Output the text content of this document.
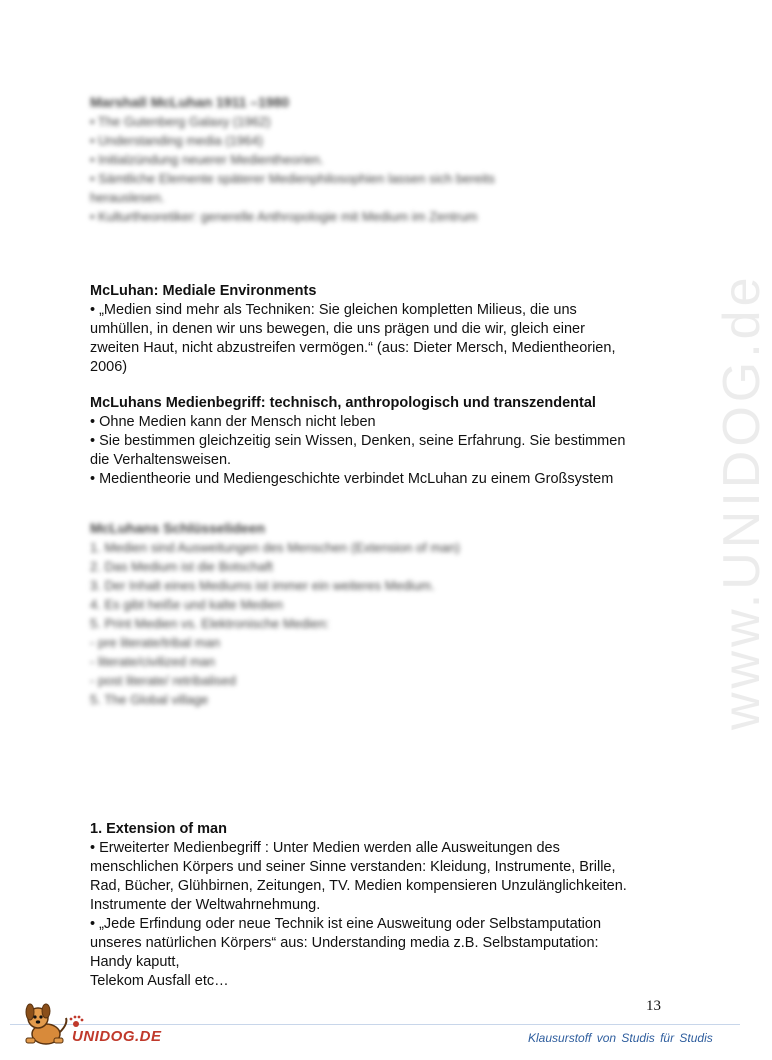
www.UNIDOG.de
Marshall McLuhan 1911 –1980
• The Gutenberg Galaxy (1962)
• Understanding media (1964)
• Initialzündung neuerer Medientheorien.
• Sämtliche Elemente späterer Medienphilosophien lassen sich bereits
herauslesen.
• Kulturtheoretiker: generelle Anthropologie mit Medium im Zentrum
McLuhan: Mediale Environments
• „Medien sind mehr als Techniken: Sie gleichen kompletten Milieus, die uns
umhüllen, in denen wir uns bewegen, die uns prägen und die wir, gleich einer
zweiten Haut, nicht abzustreifen vermögen.“ (aus: Dieter Mersch, Medientheorien,
2006)
McLuhans Medienbegriff: technisch, anthropologisch und transzendental
• Ohne Medien kann der Mensch nicht leben
• Sie bestimmen gleichzeitig sein Wissen, Denken, seine Erfahrung. Sie bestimmen
die Verhaltensweisen.
• Medientheorie und Mediengeschichte verbindet McLuhan zu einem Großsystem
McLuhans Schlüsselideen
1. Medien sind Ausweitungen des Menschen (Extension of man)
2. Das Medium ist die Botschaft
3. Der Inhalt eines Mediums ist immer ein weiteres Medium.
4. Es gibt heiße und kalte Medien
5. Print Medien vs. Elektronische Medien:
- pre literate/tribal man
- literate/civilized man
- post literate/ retribalised
5. The Global village
1. Extension of man
• Erweiterter Medienbegriff : Unter Medien werden alle Ausweitungen des
menschlichen Körpers und seiner Sinne verstanden: Kleidung, Instrumente, Brille,
Rad, Bücher, Glühbirnen, Zeitungen, TV. Medien kompensieren Unzulänglichkeiten.
Instrumente der Weltwahrnehmung.
• „Jede Erfindung oder neue Technik ist eine Ausweitung oder Selbstamputation
unseres natürlichen Körpers“ aus: Understanding media z.B. Selbstamputation:
Handy kaputt,
Telekom Ausfall etc…
13
UNIDOG.DE	Klausurstoff von Studis für Studis
